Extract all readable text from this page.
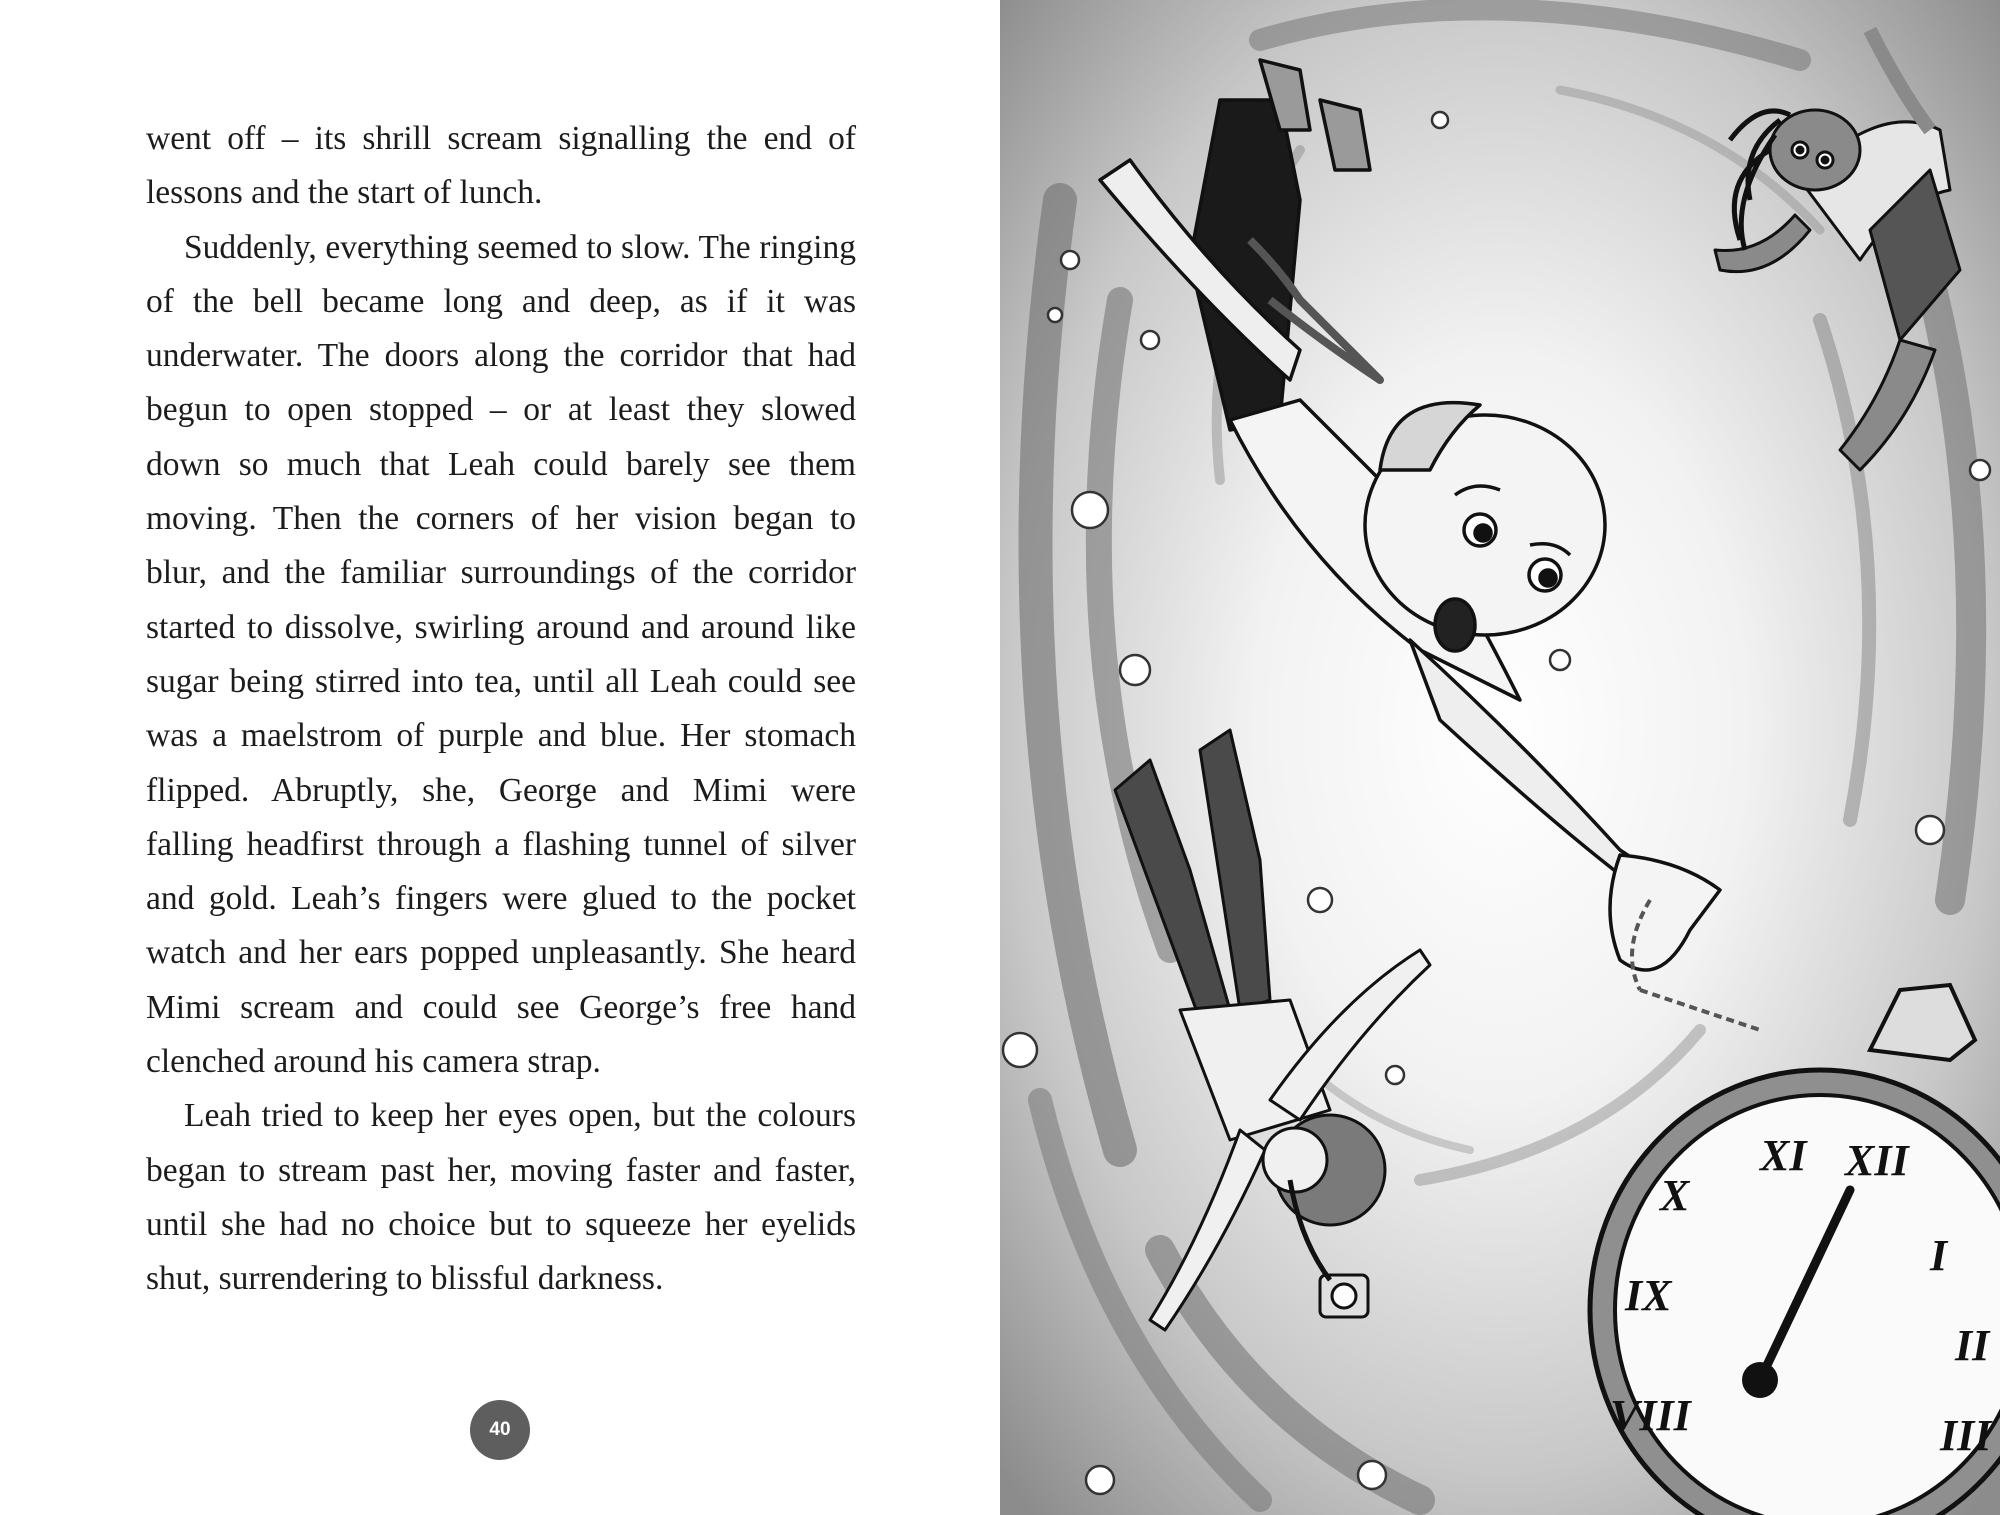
went off – its shrill scream signalling the end of lessons and the start of lunch.

Suddenly, everything seemed to slow. The ringing of the bell became long and deep, as if it was underwater. The doors along the corridor that had begun to open stopped – or at least they slowed down so much that Leah could barely see them moving. Then the corners of her vision began to blur, and the familiar surroundings of the corridor started to dissolve, swirling around and around like sugar being stirred into tea, until all Leah could see was a maelstrom of purple and blue. Her stomach flipped. Abruptly, she, George and Mimi were falling headfirst through a flashing tunnel of silver and gold. Leah’s fingers were glued to the pocket watch and her ears popped unpleasantly. She heard Mimi scream and could see George’s free hand clenched around his camera strap.

Leah tried to keep her eyes open, but the colours began to stream past her, moving faster and faster, until she had no choice but to squeeze her eyelids shut, surrendering to blissful darkness.

40
XI XII
X
I
IX
II
VIII	III
